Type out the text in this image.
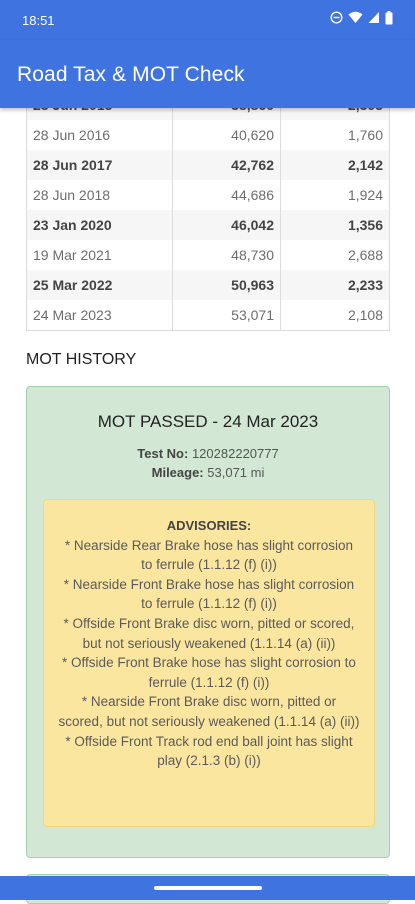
18:51
Road Tax & MOT Check
28 Jun 2016	40,620	1,760
28 Jun 2017	42,762	2,142
28 Jun 2018	44,686	1,924
23 Jan 2020	46,042	1,356
19 Mar 2021	48,730	2,688
25 Mar 2022	50,963	2,233
24 Mar 2023	53,071	2,108
MOT HISTORY
MOT PASSED - 24 Mar 2023
Test No: 120282220777
Mileage: 53,071 mi
ADVISORIES:
* Nearside Rear Brake hose has slight corrosion to ferrule (1.1.12 (f) (i))
* Nearside Front Brake hose has slight corrosion to ferrule (1.1.12 (f) (i))
* Offside Front Brake disc worn, pitted or scored, but not seriously weakened (1.1.14 (a) (ii))
* Offside Front Brake hose has slight corrosion to ferrule (1.1.12 (f) (i))
* Nearside Front Brake disc worn, pitted or scored, but not seriously weakened (1.1.14 (a) (ii))
* Offside Front Track rod end ball joint has slight play (2.1.3 (b) (i))
